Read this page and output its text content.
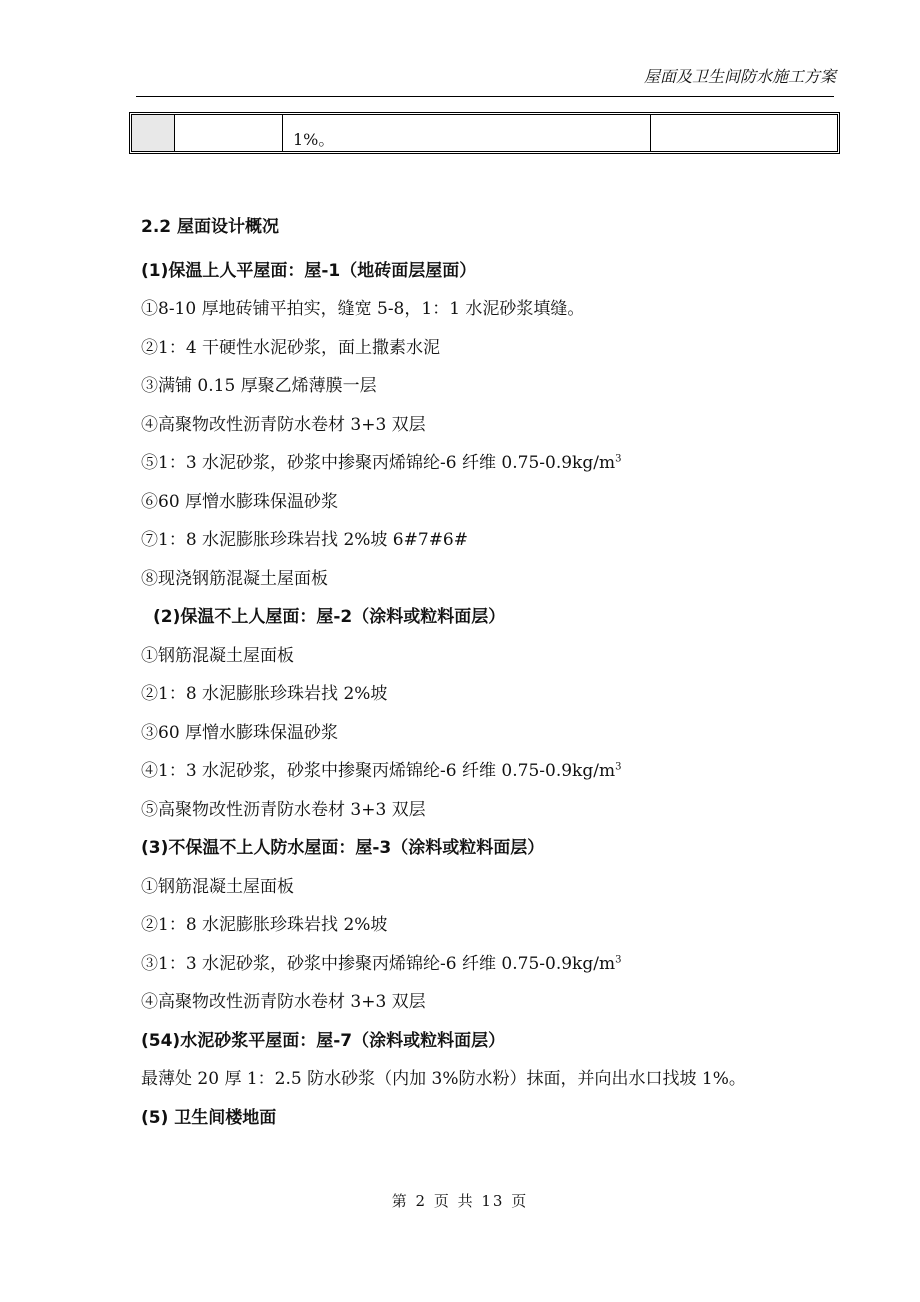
屋面及卫生间防水施工方案
1%。
2.2 屋面设计概况
(1)保温上人平屋面：屋-1（地砖面层屋面）
①8-10 厚地砖铺平拍实，缝宽 5-8，1：1 水泥砂浆填缝。
②1：4 干硬性水泥砂浆，面上撒素水泥
③满铺 0.15 厚聚乙烯薄膜一层
④高聚物改性沥青防水卷材 3+3 双层
⑤1：3 水泥砂浆，砂浆中掺聚丙烯锦纶-6 纤维 $0.75-0.9kg/m^3$
⑥60 厚憎水膨珠保温砂浆
⑦1：8 水泥膨胀珍珠岩找 2%坡 6#7#6#
⑧现浇钢筋混凝土屋面板
(2)保温不上人屋面：屋-2（涂料或粒料面层）
①钢筋混凝土屋面板
②1：8 水泥膨胀珍珠岩找 2%坡
③60 厚憎水膨珠保温砂浆
④1：3 水泥砂浆，砂浆中掺聚丙烯锦纶-6 纤维 $0.75-0.9kg/m^3$
⑤高聚物改性沥青防水卷材 3+3 双层
(3)不保温不上人防水屋面：屋-3（涂料或粒料面层）
①钢筋混凝土屋面板
②1：8 水泥膨胀珍珠岩找 2%坡
③1：3 水泥砂浆，砂浆中掺聚丙烯锦纶-6 纤维 $0.75-0.9kg/m^3$
④高聚物改性沥青防水卷材 3+3 双层
(54)水泥砂浆平屋面：屋-7（涂料或粒料面层）
最薄处 20 厚 1：2.5 防水砂浆（内加 3%防水粉）抹面，并向出水口找坡 1%。
(5) 卫生间楼地面
第 2 页 共 13 页
